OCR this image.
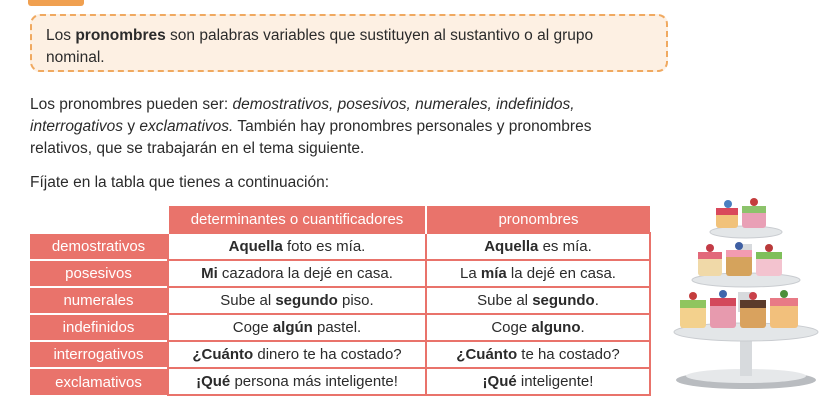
Los pronombres son palabras variables que sustituyen al sustantivo o al grupo nominal.

Los pronombres pueden ser: demostrativos, posesivos, numerales, indefinidos, interrogativos y exclamativos. También hay pronombres personales y pronombres relativos, que se trabajarán en el tema siguiente.

Fíjate en la tabla que tienes a continuación:

	determinantes o cuantificadores	pronombres
demostrativos	Aquella foto es mía.	Aquella es mía.
posesivos	Mi cazadora la dejé en casa.	La mía la dejé en casa.
numerales	Sube al segundo piso.	Sube al segundo.
indefinidos	Coge algún pastel.	Coge alguno.
interrogativos	¿Cuánto dinero te ha costado?	¿Cuánto te ha costado?
exclamativos	¡Qué persona más inteligente!	¡Qué inteligente!
